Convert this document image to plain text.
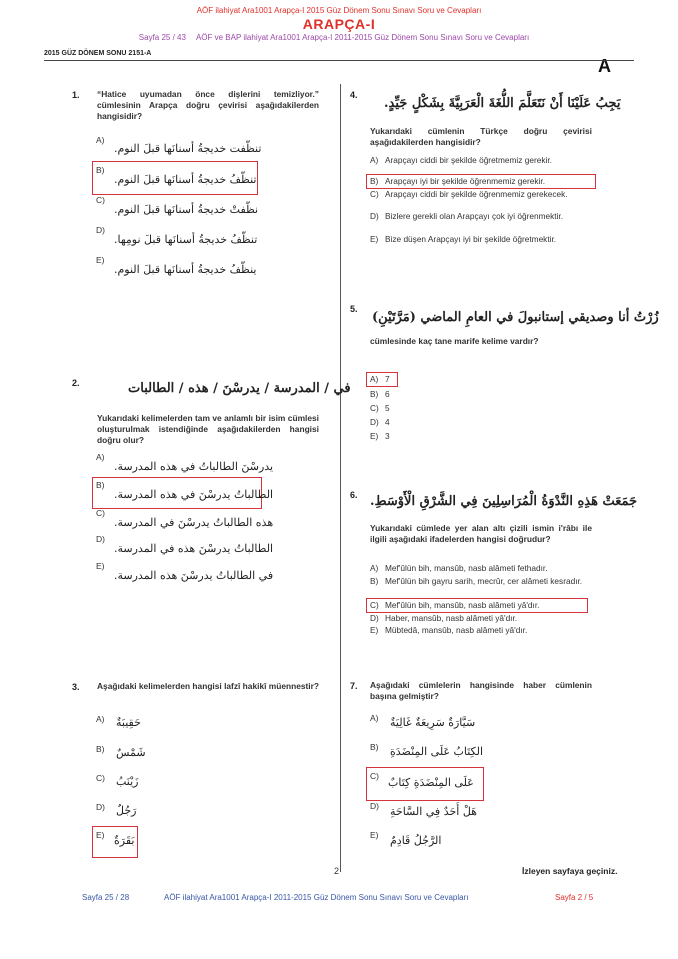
AÖF ilahiyat Ara1001 Arapça-I 2015 Güz Dönem Sonu Sınavı Soru ve Cevapları
ARAPÇA-I
Sayfa 25 / 43 AÖF ve BAP ilahiyat Ara1001 Arapça-I 2011-2015 Güz Dönem Sonu Sınavı Soru ve Cevapları
2015 GÜZ DÖNEM SONU 2151-A
A
1. “Hatice uyumadan önce dişlerini temizliyor.” cümlesinin Arapça doğru çevirisi aşağıdakilerden hangisidir?
A)
تنظّفت خديجةُ أسنانَها قبلَ النوم.
B)
تنظّفُ خديجةُ أسنانَها قبلَ النوم.
C)
نظّفتْ خديجةُ أسنانَها قبلَ النوم.
D)
تنظّفُ خديجةُ أسنانَها قبلَ نومِها.
E)
ينظّفُ خديجةُ أسنانَها قبلَ النوم.
2.	في / المدرسة / يدرسْنَ / هذه / الطالبات
Yukarıdaki kelimelerden tam ve anlamlı bir isim cümlesi oluşturulmak istendiğinde aşağıdakilerden hangisi doğru olur?
A)
يدرسْنَ الطالباتُ في هذه المدرسة.
B)
الطالباتُ يدرسْنَ في هذه المدرسة.
C)
هذه الطالباتُ يدرسْنَ في المدرسة.
D)
الطالباتُ يدرسْنَ هذه في المدرسة.
E)
في الطالباتُ يدرسْنَ هذه المدرسة.
3. Aşağıdaki kelimelerden hangisi lafzî hakikî müennestir?
A) حَقِيبَةٌ
B) شَمْسٌ
C) زَيْنَبُ
D) رَجُلٌ
E) بَقَرَةٌ
4.
يَجِبُ عَلَيْنَا أَنْ نَتَعَلَّمَ اللُّغَةَ الْعَرَبِيَّةَ بِشَكْلٍ جَيِّدٍ.
Yukarıdaki cümlenin Türkçe doğru çevirisi aşağıdakilerden hangisidir?
A) Arapçayı ciddi bir şekilde öğretmemiz gerekir.
B) Arapçayı iyi bir şekilde öğrenmemiz gerekir.
C) Arapçayı ciddi bir şekilde öğrenmemiz gerekecek.
D) Bizlere gerekli olan Arapçayı çok iyi öğrenmektir.
E) Bize düşen Arapçayı iyi bir şekilde öğretmektir.
5.
زُرْتُ أنا وصديقي إستانبولَ في العامِ الماضي (مَرَّتَيْنِ)
cümlesinde kaç tane marife kelime vardır?
A) 7
B) 6
C) 5
D) 4
E) 3
6. جَمَعَتْ هَذِهِ النَّدْوَةُ الْمُرَاسِلِينَ فِي الشَّرْقِ الْأَوْسَطِ.
Yukarıdaki cümlede yer alan altı çizili ismin i'râbı ile ilgili aşağıdaki ifadelerden hangisi doğrudur?
A) Mef'ûlün bih, mansûb, nasb alâmeti fethadır.
B) Mef'ûlün bih gayru sarih, mecrûr, cer alâmeti kesradır.
C) Mef'ûlün bih, mansûb, nasb alâmeti yâ'dır.
D) Haber, mansûb, nasb alâmeti yâ'dır.
E) Mübtedâ, mansûb, nasb alâmeti yâ'dır.
7. Aşağıdaki cümlelerin hangisinde haber cümlenin başına gelmiştir?
A) سَيَّارَةٌ سَرِيعَةٌ غَالِيَةٌ
B) الكِتَابُ عَلَى المِنْضَدَةِ
C) عَلَى المِنْضَدَةِ كِتَابٌ
D) هَلْ أَحَدٌ فِي السَّاحَةِ
E) الرَّجُلُ قَادِمٌ
2	İzleyen sayfaya geçiniz.
Sayfa 25 / 28	AÖF ilahiyat Ara1001 Arapça-I 2011-2015 Güz Dönem Sonu Sınavı Soru ve Cevapları	Sayfa 2 / 5
